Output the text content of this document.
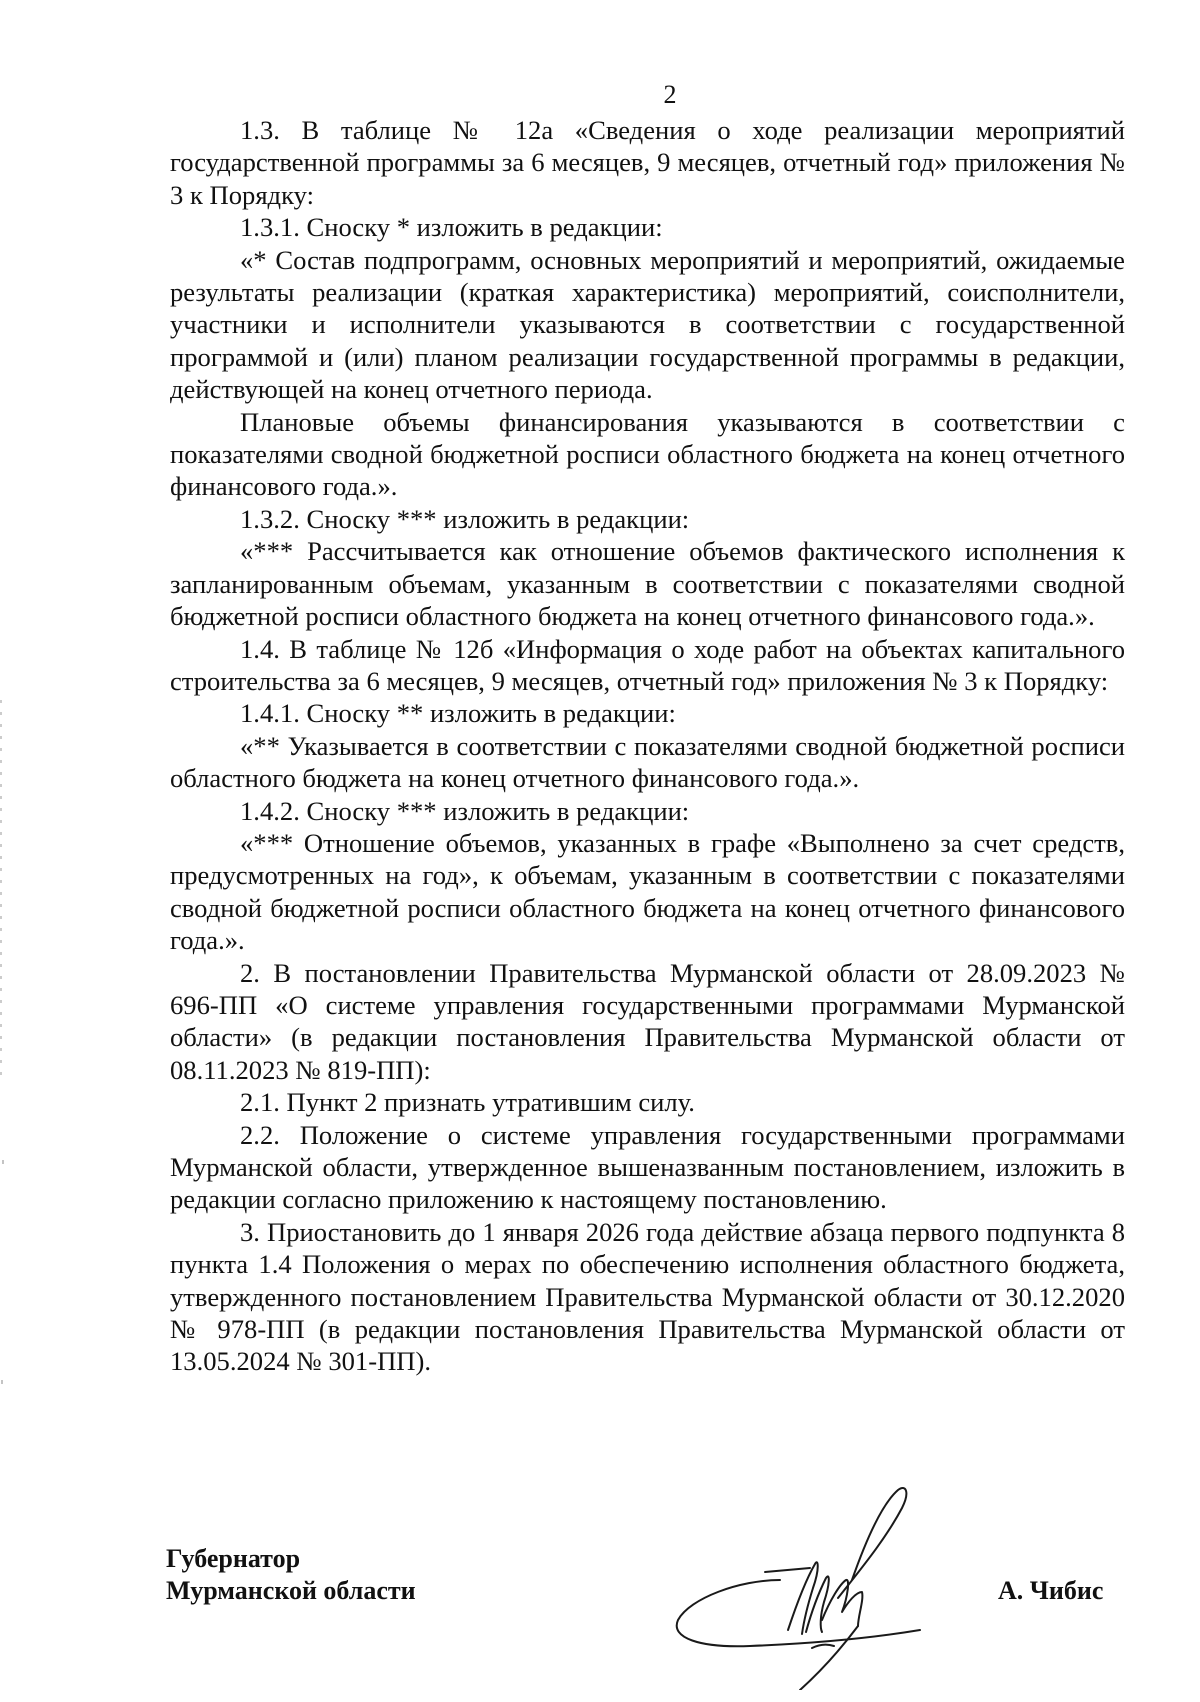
2

1.3. В таблице № 12а «Сведения о ходе реализации мероприятий государственной программы за 6 месяцев, 9 месяцев, отчетный год» приложения № 3 к Порядку:

1.3.1. Сноску * изложить в редакции:

«* Состав подпрограмм, основных мероприятий и мероприятий, ожидаемые результаты реализации (краткая характеристика) мероприятий, соисполнители, участники и исполнители указываются в соответствии с государственной программой и (или) планом реализации государственной программы в редакции, действующей на конец отчетного периода.

Плановые объемы финансирования указываются в соответствии с показателями сводной бюджетной росписи областного бюджета на конец отчетного финансового года.».

1.3.2. Сноску *** изложить в редакции:

«*** Рассчитывается как отношение объемов фактического исполнения к запланированным объемам, указанным в соответствии с показателями сводной бюджетной росписи областного бюджета на конец отчетного финансового года.».

1.4. В таблице № 12б «Информация о ходе работ на объектах капитального строительства за 6 месяцев, 9 месяцев, отчетный год» приложения № 3 к Порядку:

1.4.1. Сноску ** изложить в редакции:

«** Указывается в соответствии с показателями сводной бюджетной росписи областного бюджета на конец отчетного финансового года.».

1.4.2. Сноску *** изложить в редакции:

«*** Отношение объемов, указанных в графе «Выполнено за счет средств, предусмотренных на год», к объемам, указанным в соответствии с показателями сводной бюджетной росписи областного бюджета на конец отчетного финансового года.».

2. В постановлении Правительства Мурманской области от 28.09.2023 № 696-ПП «О системе управления государственными программами Мурманской области» (в редакции постановления Правительства Мурманской области от 08.11.2023 № 819-ПП):

2.1. Пункт 2 признать утратившим силу.

2.2. Положение о системе управления государственными программами Мурманской области, утвержденное вышеназванным постановлением, изложить в редакции согласно приложению к настоящему постановлению.

3. Приостановить до 1 января 2026 года действие абзаца первого подпункта 8 пункта 1.4 Положения о мерах по обеспечению исполнения областного бюджета, утвержденного постановлением Правительства Мурманской области от 30.12.2020 № 978-ПП (в редакции постановления Правительства Мурманской области от 13.05.2024 № 301-ПП).

Губернатор
Мурманской области	А. Чибис
